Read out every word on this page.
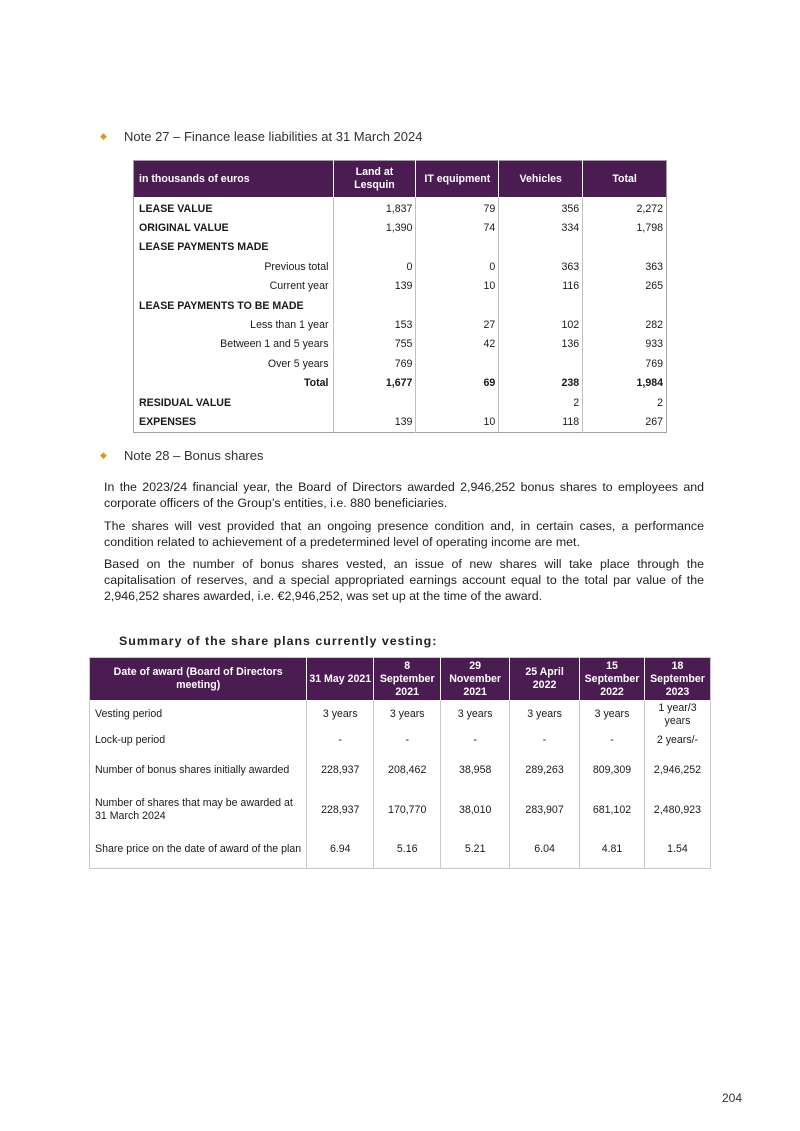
◆	Note 27 – Finance lease liabilities at 31 March 2024
in thousands of euros	Land at Lesquin	IT equipment	Vehicles	Total
LEASE VALUE	1,837	79	356	2,272
ORIGINAL VALUE	1,390	74	334	1,798
LEASE PAYMENTS MADE				
Previous total	0	0	363	363
Current year	139	10	116	265
LEASE PAYMENTS TO BE MADE				
Less than 1 year	153	27	102	282
Between 1 and 5 years	755	42	136	933
Over 5 years	769			769
Total	1,677	69	238	1,984
RESIDUAL VALUE			2	2
EXPENSES	139	10	118	267
◆	Note 28 – Bonus shares

In the 2023/24 financial year, the Board of Directors awarded 2,946,252 bonus shares to employees and corporate officers of the Group’s entities, i.e. 880 beneficiaries.

The shares will vest provided that an ongoing presence condition and, in certain cases, a performance condition related to achievement of a predetermined level of operating income are met.

Based on the number of bonus shares vested, an issue of new shares will take place through the capitalisation of reserves, and a special appropriated earnings account equal to the total par value of the 2,946,252 shares awarded, i.e. €2,946,252, was set up at the time of the award.

Summary of the share plans currently vesting:
Date of award (Board of Directors meeting)	31 May 2021	8 September 2021	29 November 2021	25 April 2022	15 September 2022	18 September 2023
Vesting period	3 years	3 years	3 years	3 years	3 years	1 year/3 years
Lock-up period	-	-	-	-	-	2 years/-
Number of bonus shares initially awarded	228,937	208,462	38,958	289,263	809,309	2,946,252
Number of shares that may be awarded at 31 March 2024	228,937	170,770	38,010	283,907	681,102	2,480,923
Share price on the date of award of the plan	6.94	5.16	5.21	6.04	4.81	1.54
204
